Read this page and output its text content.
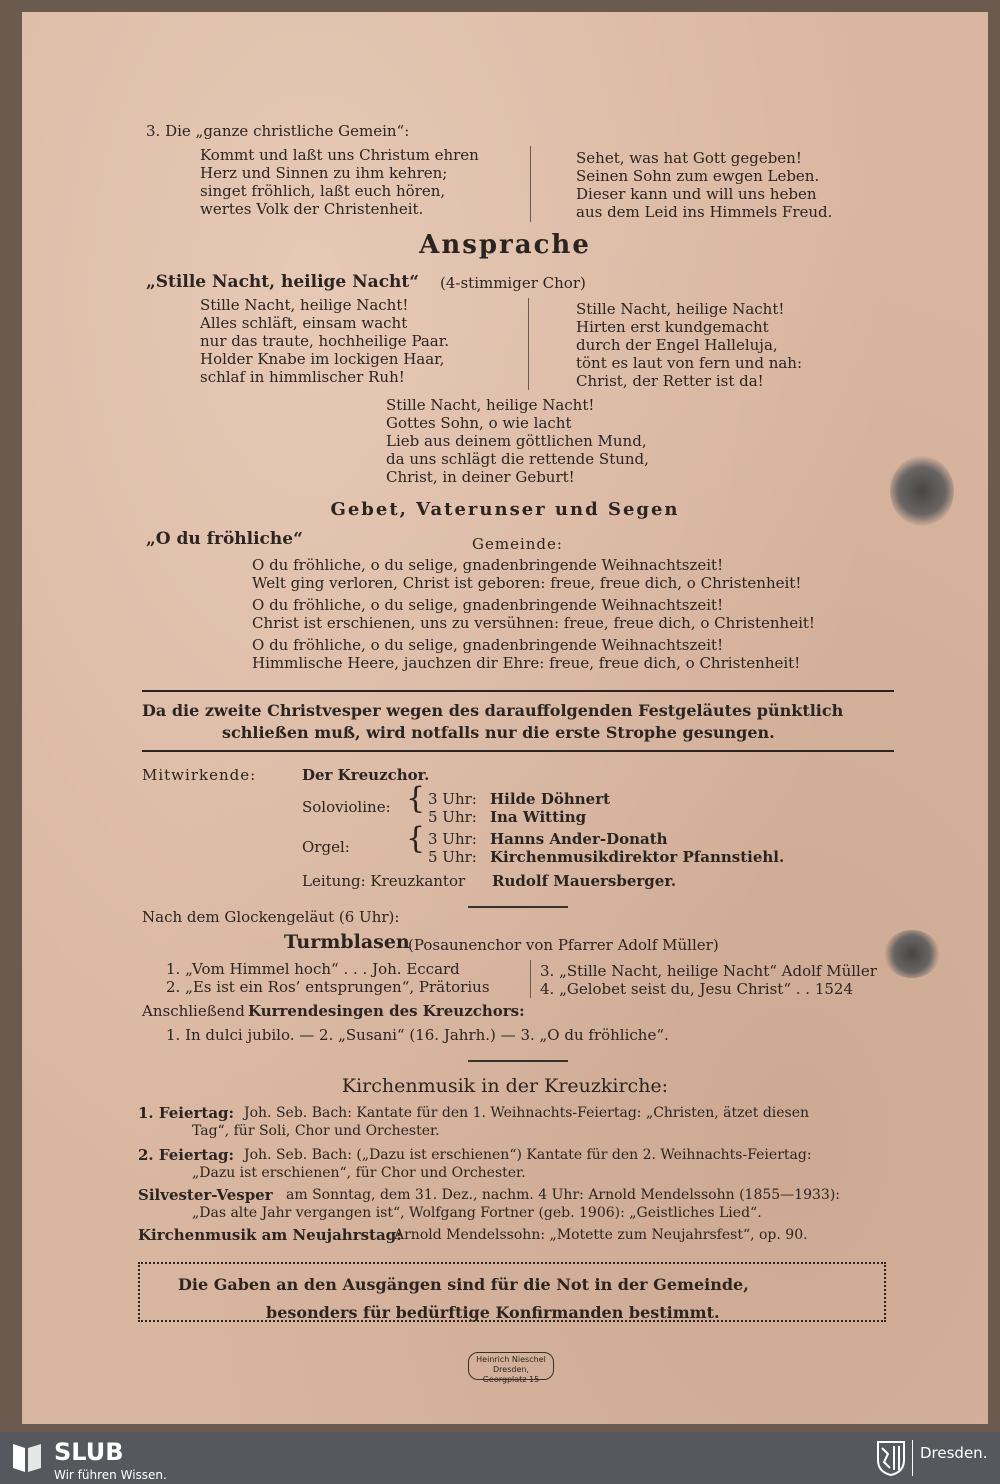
3. Die „ganze christliche Gemein“:
Kommt und laßt uns Christum ehren
Herz und Sinnen zu ihm kehren;
singet fröhlich, laßt euch hören,
wertes Volk der Christenheit.
Sehet, was hat Gott gegeben!
Seinen Sohn zum ewgen Leben.
Dieser kann und will uns heben
aus dem Leid ins Himmels Freud.
Ansprache
„Stille Nacht, heilige Nacht“ (4-stimmiger Chor)
Stille Nacht, heilige Nacht!
Alles schläft, einsam wacht
nur das traute, hochheilige Paar.
Holder Knabe im lockigen Haar,
schlaf in himmlischer Ruh!
Stille Nacht, heilige Nacht!
Hirten erst kundgemacht
durch der Engel Halleluja,
tönt es laut von fern und nah:
Christ, der Retter ist da!
Stille Nacht, heilige Nacht!
Gottes Sohn, o wie lacht
Lieb aus deinem göttlichen Mund,
da uns schlägt die rettende Stund,
Christ, in deiner Geburt!
Gebet, Vaterunser und Segen
„O du fröhliche“	Gemeinde:
O du fröhliche, o du selige, gnadenbringende Weihnachtszeit!
Welt ging verloren, Christ ist geboren: freue, freue dich, o Christenheit!
O du fröhliche, o du selige, gnadenbringende Weihnachtszeit!
Christ ist erschienen, uns zu versühnen: freue, freue dich, o Christenheit!
O du fröhliche, o du selige, gnadenbringende Weihnachtszeit!
Himmlische Heere, jauchzen dir Ehre: freue, freue dich, o Christenheit!
Da die zweite Christvesper wegen des darauffolgenden Festgeläutes pünktlich
schließen muß, wird notfalls nur die erste Strophe gesungen.
Mitwirkende:	Der Kreuzchor.
Solovioline: { 3 Uhr: Hilde Döhnert
5 Uhr: Ina Witting
Orgel: { 3 Uhr: Hanns Ander-Donath
5 Uhr: Kirchenmusikdirektor Pfannstiehl.
Leitung: Kreuzkantor Rudolf Mauersberger.
Nach dem Glockengeläut (6 Uhr):
Turmblasen
(Posaunenchor von Pfarrer Adolf Müller)
1. „Vom Himmel hoch“ . . . Joh. Eccard
2. „Es ist ein Ros’ entsprungen“, Prätorius
3. „Stille Nacht, heilige Nacht“ Adolf Müller
4. „Gelobet seist du, Jesu Christ“ . . 1524
Anschließend Kurrendesingen des Kreuzchors:
1. In dulci jubilo. — 2. „Susani“ (16. Jahrh.) — 3. „O du fröhliche“.
Kirchenmusik in der Kreuzkirche:
1. Feiertag: Joh. Seb. Bach: Kantate für den 1. Weihnachts-Feiertag: „Christen, ätzet diesen
Tag“, für Soli, Chor und Orchester.
2. Feiertag: Joh. Seb. Bach: („Dazu ist erschienen“) Kantate für den 2. Weihnachts-Feiertag:
„Dazu ist erschienen“, für Chor und Orchester.
Silvester-Vesper am Sonntag, dem 31. Dez., nachm. 4 Uhr: Arnold Mendelssohn (1855—1933):
„Das alte Jahr vergangen ist“, Wolfgang Fortner (geb. 1906): „Geistliches Lied“.
Kirchenmusik am Neujahrstag:
Arnold Mendelssohn: „Motette zum Neujahrsfest“, op. 90.
Die Gaben an den Ausgängen sind für die Not in der Gemeinde,
besonders für bedürftige Konfirmanden bestimmt.
Heinrich Nieschel
Dresden, Georgplatz 15
SLUB
Wir führen Wissen.
Dresden.
